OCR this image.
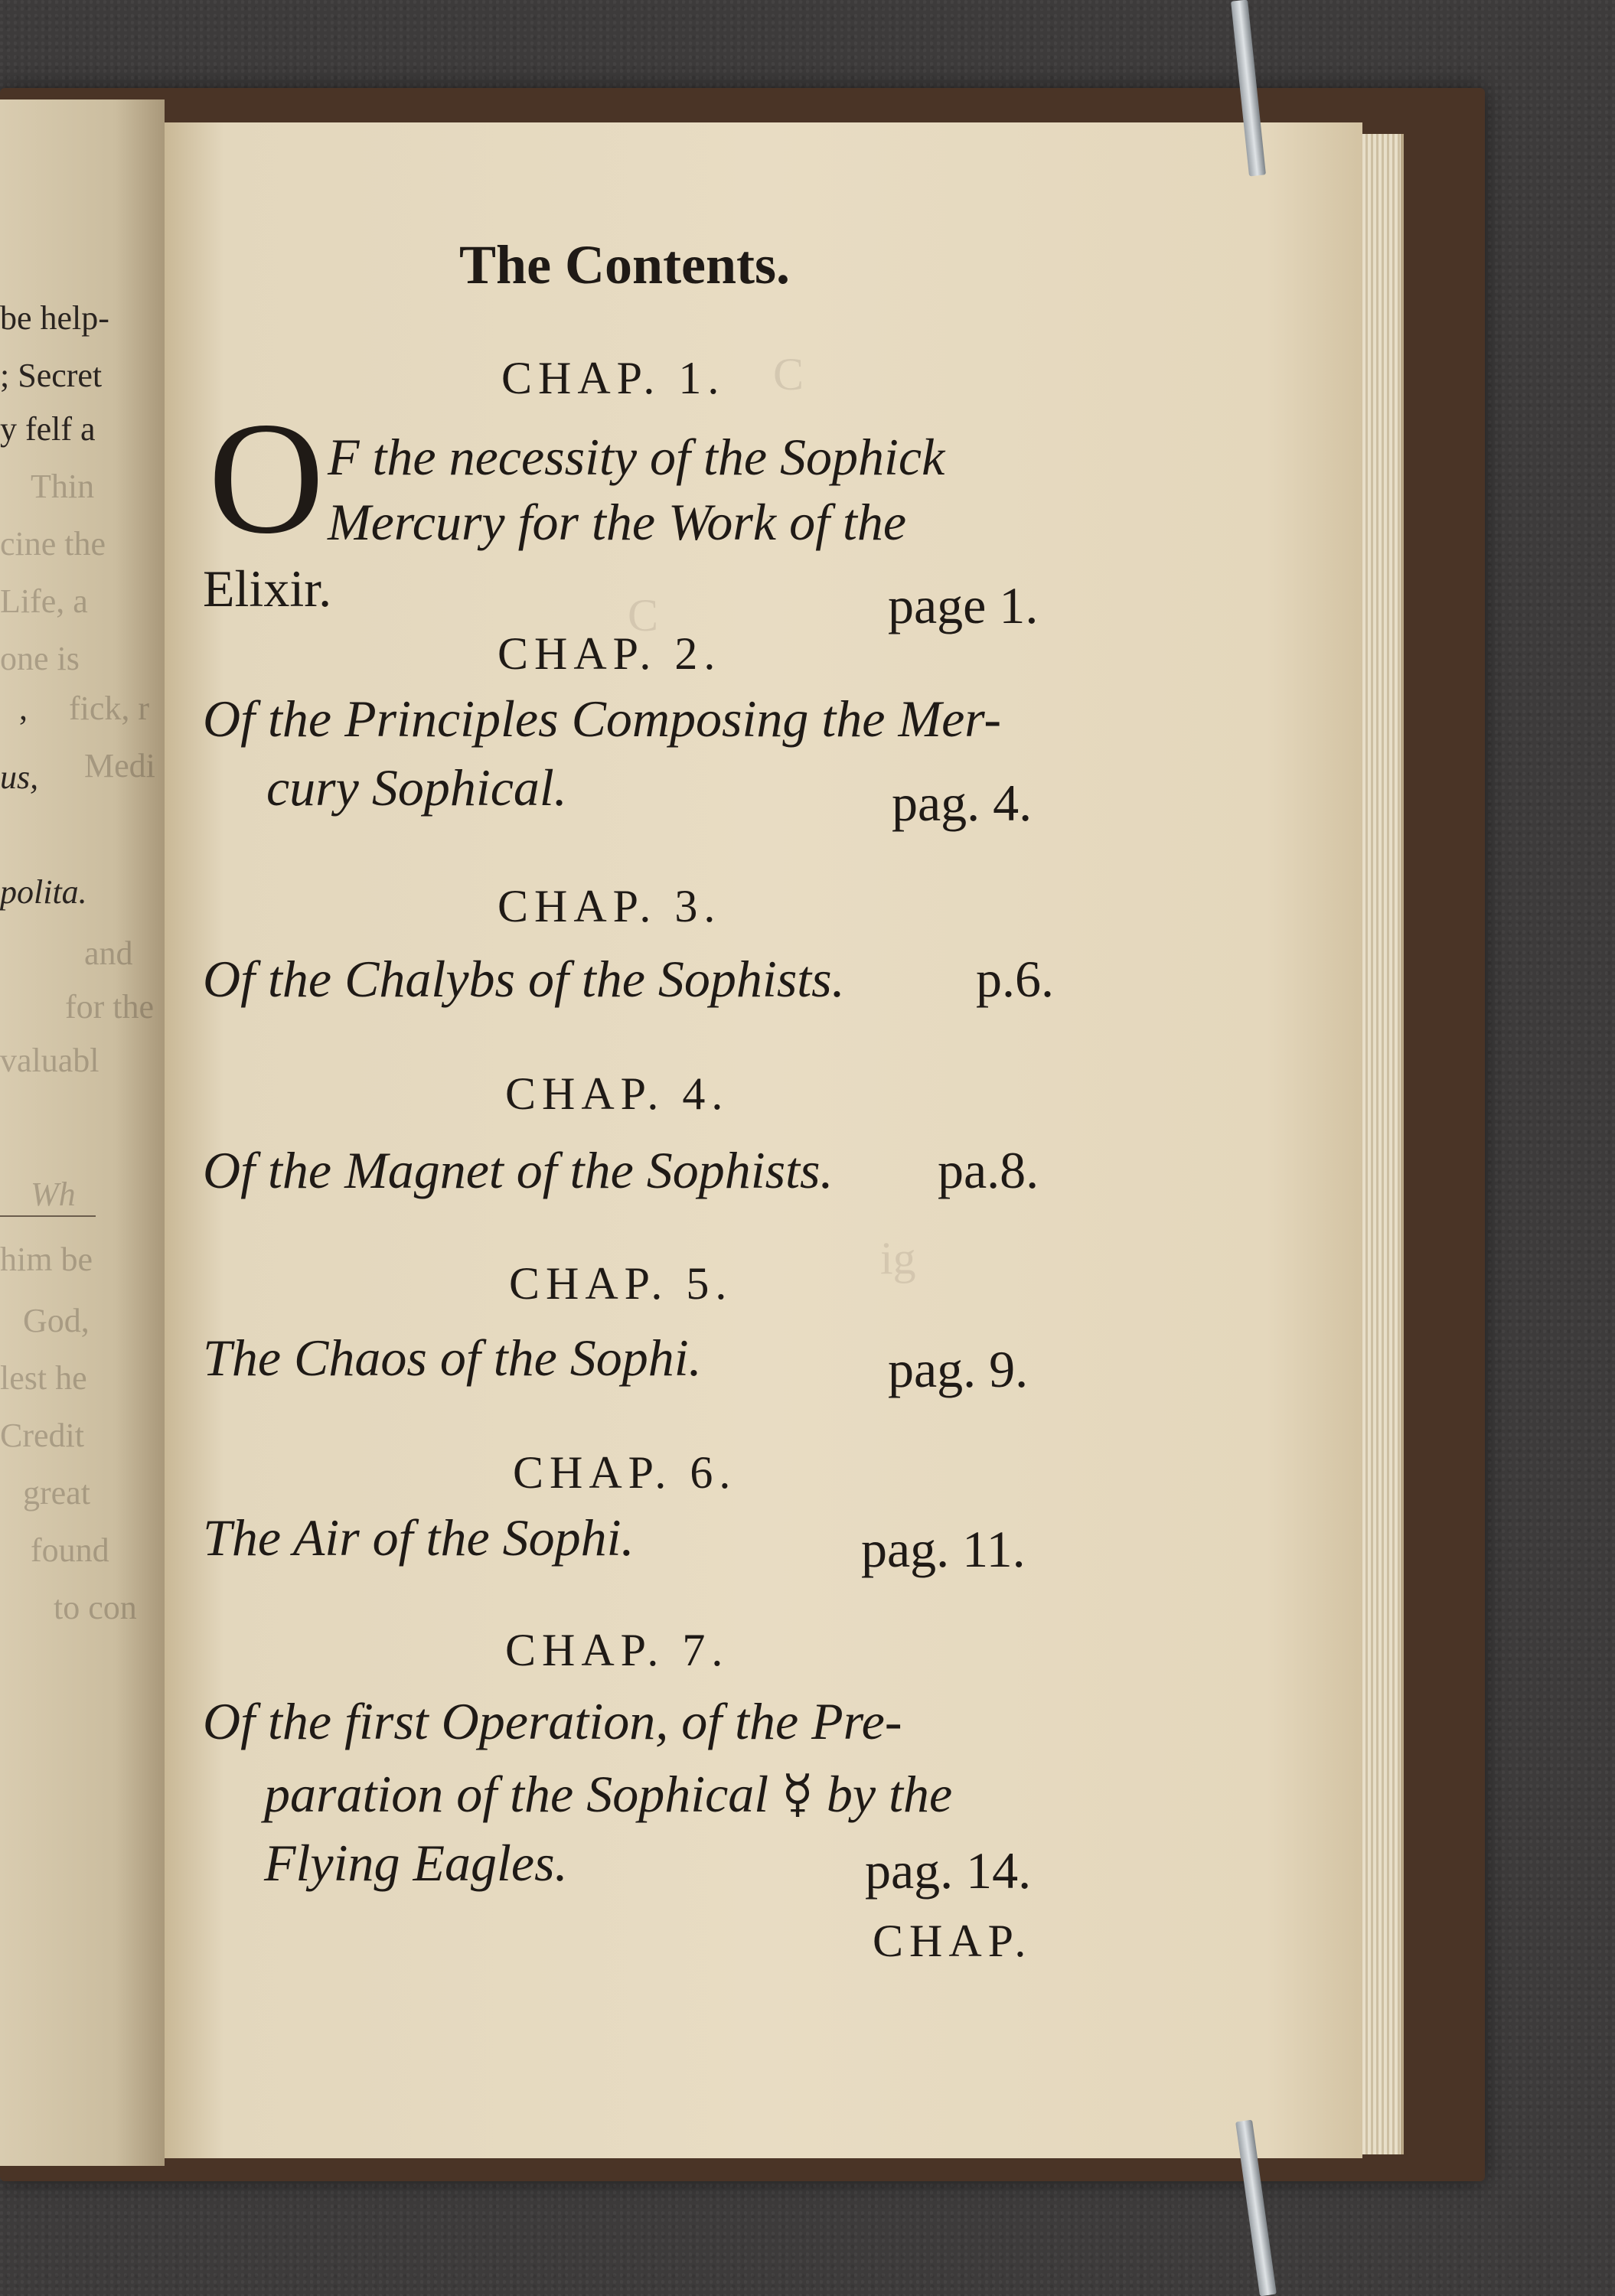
be help-
; Secret
y felf a
Thin
cine the
Life, a
one is
, fick, r
us, Medi
polita.
and
for the
valuabl
Wh
him be
God,
lest he
Credit
great
found
to con
C
C
ig
The Contents.
CHAP. 1.
O F the necessity of the Sophick
Mercury for the Work of the
Elixir.	page 1.
CHAP. 2.
Of the Principles Composing the Mer-
cury Sophical.	pag. 4.
CHAP. 3.
Of the Chalybs of the Sophists.	p.6.
CHAP. 4.
Of the Magnet of the Sophists. pa.8.
CHAP. 5.
The Chaos of the Sophi.	pag. 9.
CHAP. 6.
The Air of the Sophi.	pag. 11.
CHAP. 7.
Of the first Operation, of the Pre-
paration of the Sophical ☿ by the
Flying Eagles.	pag. 14.
CHAP.
